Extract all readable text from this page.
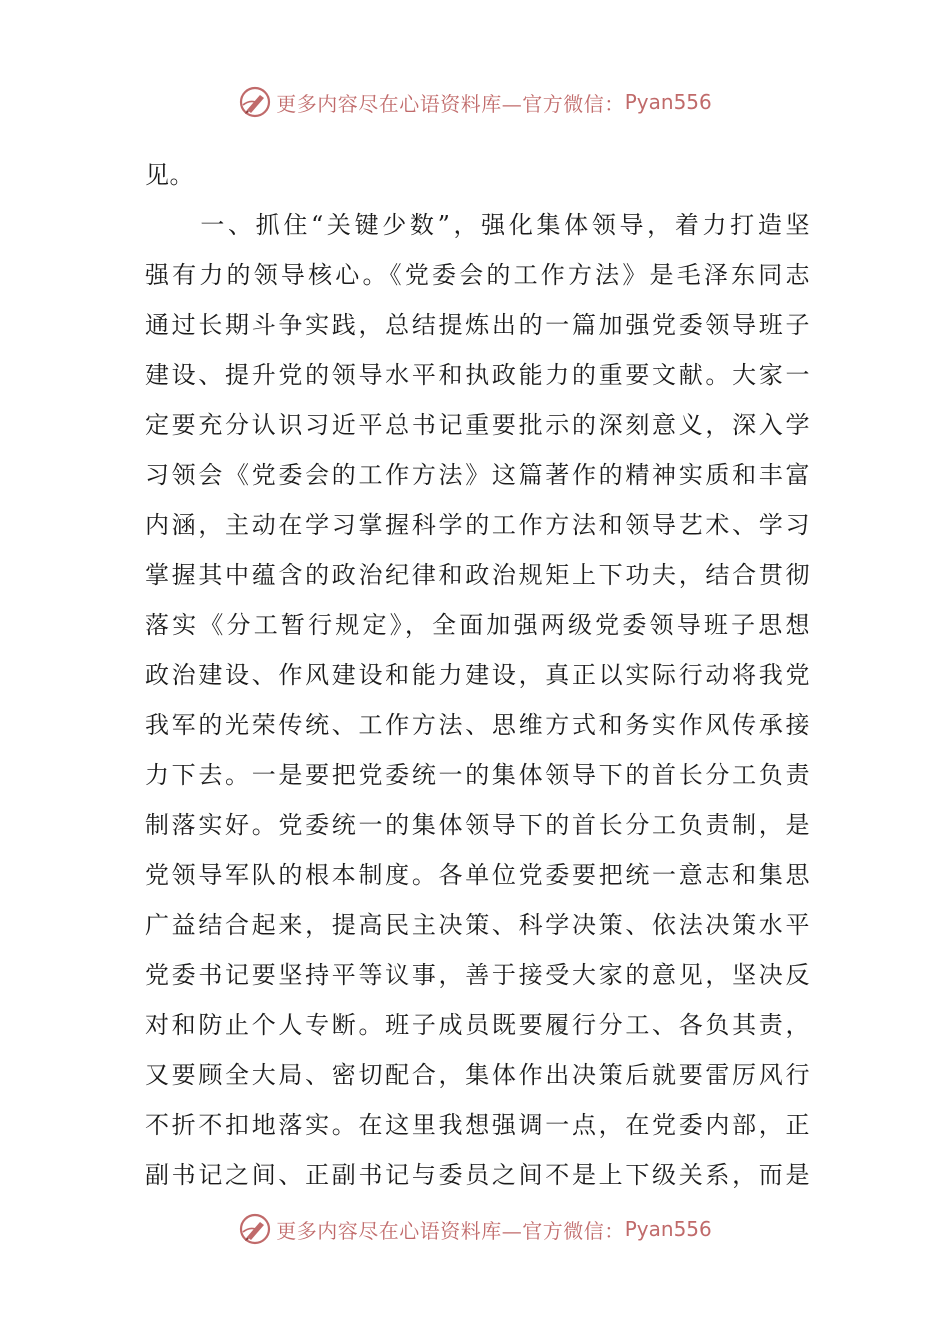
更多内容尽在心语资料库—官方微信： Pyan556
见。
　　一、抓住“关键少数”，强化集体领导，着力打造坚
强有力的领导核心。《党委会的工作方法》是毛泽东同志
通过长期斗争实践，总结提炼出的一篇加强党委领导班子
建设、提升党的领导水平和执政能力的重要文献。大家一
定要充分认识习近平总书记重要批示的深刻意义，深入学
习领会《党委会的工作方法》这篇著作的精神实质和丰富
内涵，主动在学习掌握科学的工作方法和领导艺术、学习
掌握其中蕴含的政治纪律和政治规矩上下功夫，结合贯彻
落实《分工暂行规定》，全面加强两级党委领导班子思想
政治建设、作风建设和能力建设，真正以实际行动将我党
我军的光荣传统、工作方法、思维方式和务实作风传承接
力下去。一是要把党委统一的集体领导下的首长分工负责
制落实好。党委统一的集体领导下的首长分工负责制，是
党领导军队的根本制度。各单位党委要把统一意志和集思
广益结合起来，提高民主决策、科学决策、依法决策水平
党委书记要坚持平等议事，善于接受大家的意见，坚决反
对和防止个人专断。班子成员既要履行分工、各负其责，
又要顾全大局、密切配合，集体作出决策后就要雷厉风行
不折不扣地落实。在这里我想强调一点，在党委内部，正
副书记之间、正副书记与委员之间不是上下级关系，而是
更多内容尽在心语资料库—官方微信： Pyan556
